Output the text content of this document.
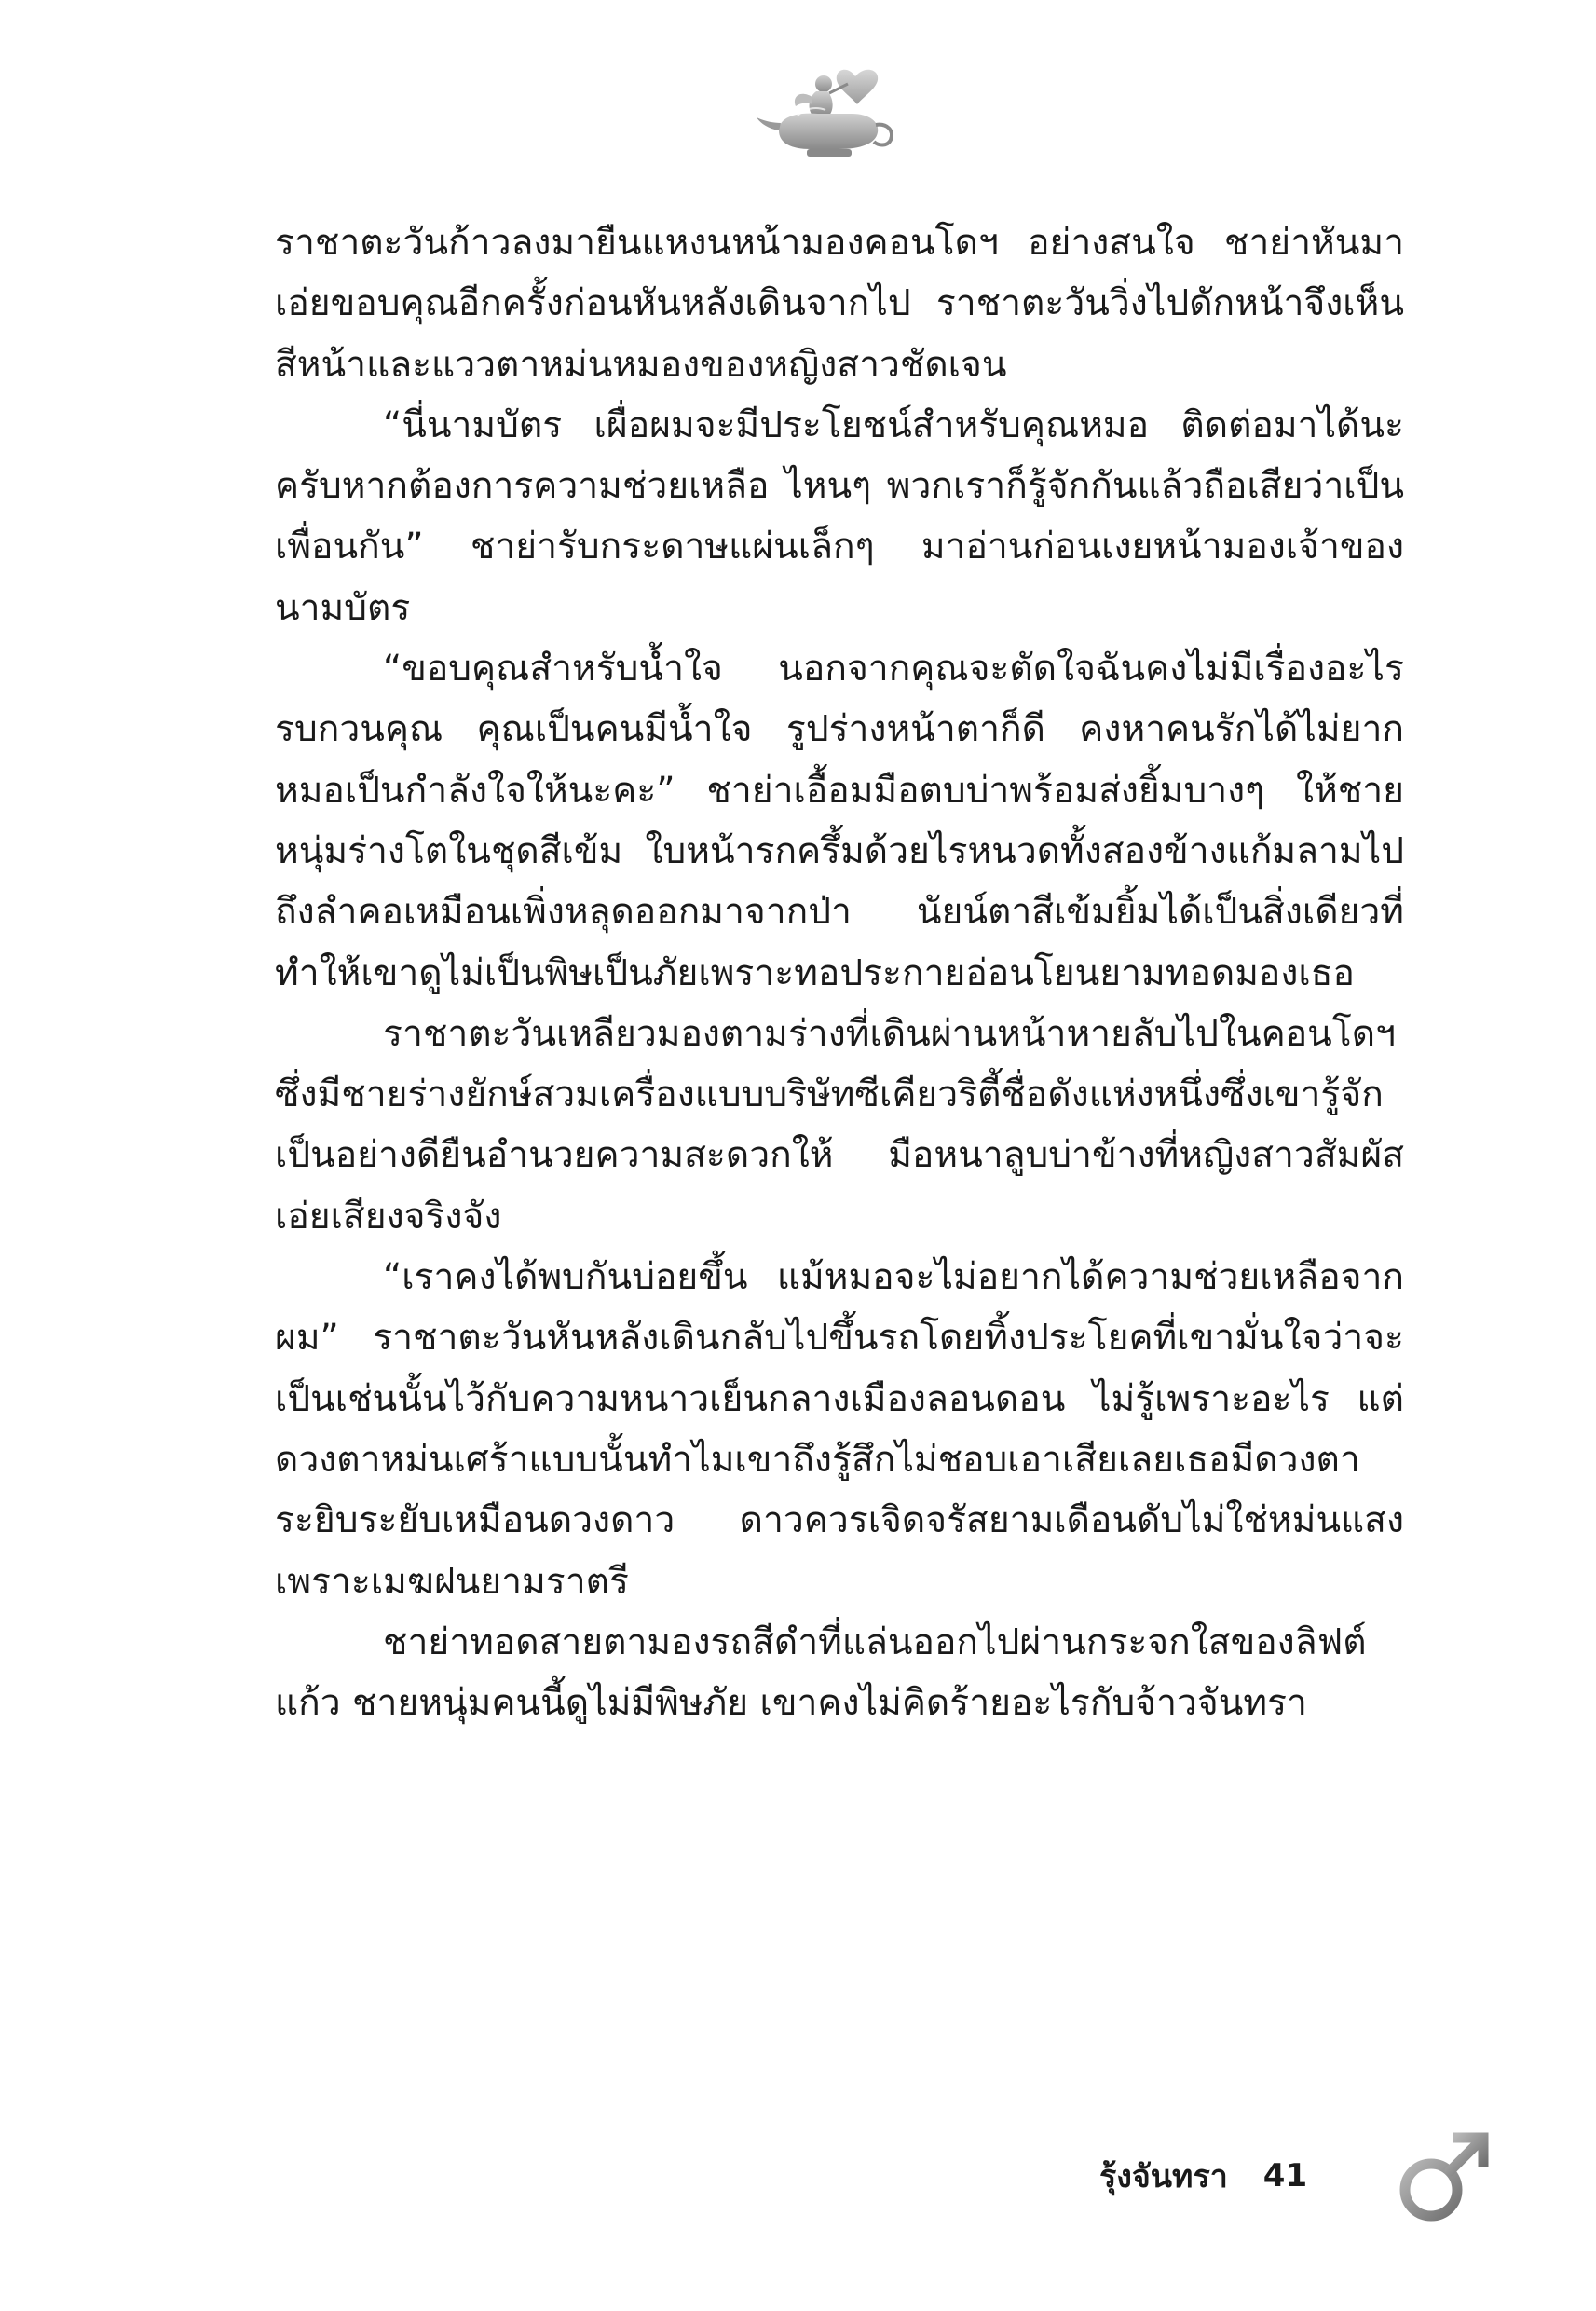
ราชาตะวันก้าวลงมายืนแหงนหน้ามองคอนโดฯ อย่างสนใจ ชาย่าหันมาเอ่ยขอบคุณอีกครั้งก่อนหันหลังเดินจากไป ราชาตะวันวิ่งไปดักหน้าจึงเห็นสีหน้าและแววตาหม่นหมองของหญิงสาวชัดเจน

“นี่นามบัตร เผื่อผมจะมีประโยชน์สำหรับคุณหมอ ติดต่อมาได้นะครับหากต้องการความช่วยเหลือ ไหนๆ พวกเราก็รู้จักกันแล้วถือเสียว่าเป็นเพื่อนกัน” ชาย่ารับกระดาษแผ่นเล็กๆ มาอ่านก่อนเงยหน้ามองเจ้าของนามบัตร

“ขอบคุณสำหรับน้ำใจ นอกจากคุณจะตัดใจฉันคงไม่มีเรื่องอะไรรบกวนคุณ คุณเป็นคนมีน้ำใจ รูปร่างหน้าตาก็ดี คงหาคนรักได้ไม่ยากหมอเป็นกำลังใจให้นะคะ” ชาย่าเอื้อมมือตบบ่าพร้อมส่งยิ้มบางๆ ให้ชายหนุ่มร่างโตในชุดสีเข้ม ใบหน้ารกครึ้มด้วยไรหนวดทั้งสองข้างแก้มลามไปถึงลำคอเหมือนเพิ่งหลุดออกมาจากป่า นัยน์ตาสีเข้มยิ้มได้เป็นสิ่งเดียวที่ทำให้เขาดูไม่เป็นพิษเป็นภัยเพราะทอประกายอ่อนโยนยามทอดมองเธอ

ราชาตะวันเหลียวมองตามร่างที่เดินผ่านหน้าหายลับไปในคอนโดฯ ซึ่งมีชายร่างยักษ์สวมเครื่องแบบบริษัทซีเคียวริตี้ชื่อดังแห่งหนึ่งซึ่งเขารู้จักเป็นอย่างดียืนอำนวยความสะดวกให้ มือหนาลูบบ่าข้างที่หญิงสาวสัมผัสเอ่ยเสียงจริงจัง

“เราคงได้พบกันบ่อยขึ้น แม้หมอจะไม่อยากได้ความช่วยเหลือจากผม” ราชาตะวันหันหลังเดินกลับไปขึ้นรถโดยทิ้งประโยคที่เขามั่นใจว่าจะเป็นเช่นนั้นไว้กับความหนาวเย็นกลางเมืองลอนดอน ไม่รู้เพราะอะไร แต่ดวงตาหม่นเศร้าแบบนั้นทำไมเขาถึงรู้สึกไม่ชอบเอาเสียเลยเธอมีดวงตาระยิบระยับเหมือนดวงดาว ดาวควรเจิดจรัสยามเดือนดับไม่ใช่หม่นแสงเพราะเมฆฝนยามราตรี

ชาย่าทอดสายตามองรถสีดำที่แล่นออกไปผ่านกระจกใสของลิฟต์แก้ว ชายหนุ่มคนนี้ดูไม่มีพิษภัย เขาคงไม่คิดร้ายอะไรกับจ้าวจันทรา

รุ้งจันทรา 41
